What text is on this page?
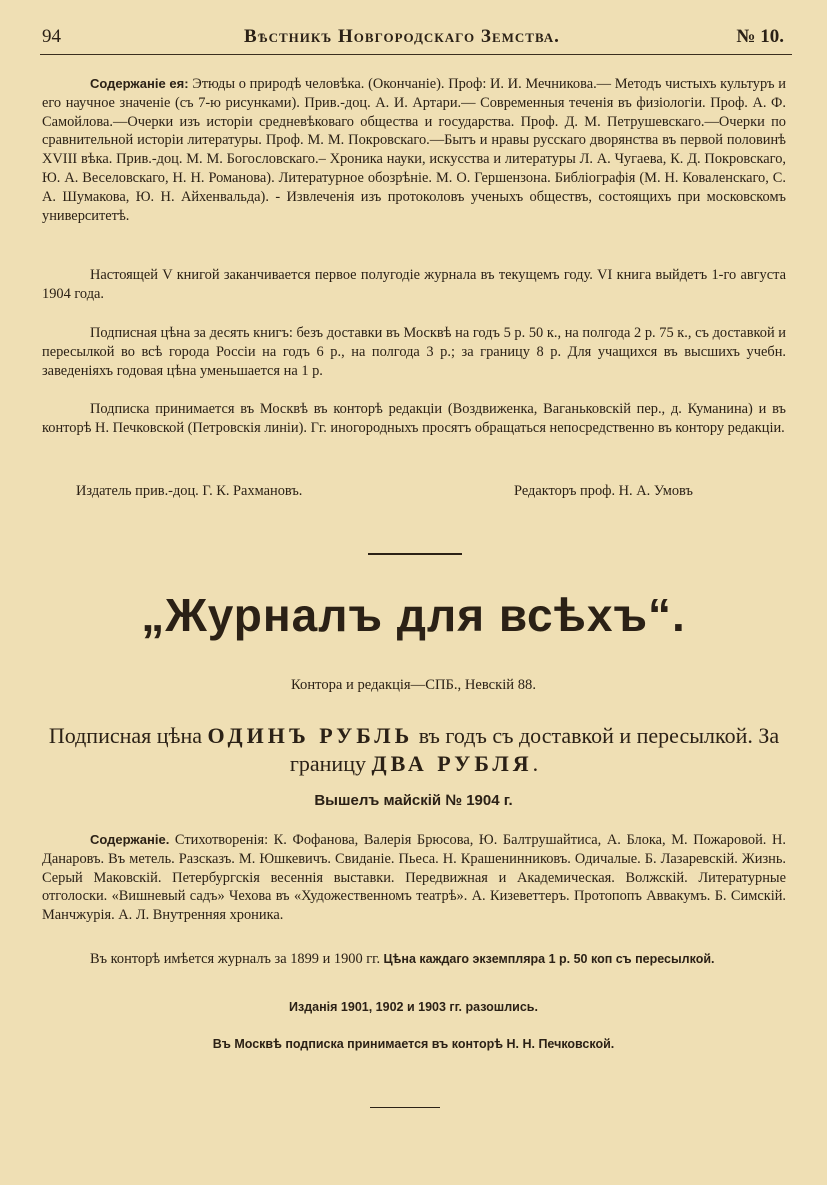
94	Вѣстникъ Новгородскаго Земства.	№ 10.
Содержаніе ея: Этюды о природѣ человѣка. (Окончаніе). Проф: И. И. Мечникова.— Методъ чистыхъ культуръ и его научное значеніе (съ 7-ю рисунками). Прив.-доц. А. И. Артари.— Современныя теченія въ физіологіи. Проф. А. Ф. Самойлова.—Очерки изъ исторіи средневѣковаго общества и государства. Проф. Д. М. Петрушевскаго.—Очерки по сравнительной исторіи литературы. Проф. М. М. Покровскаго.—Бытъ и нравы русскаго дворянства въ первой половинѣ XVIII вѣка. Прив.-доц. М. М. Богословскаго.– Хроника науки, искусства и литературы Л. А. Чугаева, К. Д. Покровскаго, Ю. А. Веселовскаго, Н. Н. Романова). Литературное обозрѣніе. М. О. Гершензона. Библіографія (М. Н. Коваленскаго, С. А. Шумакова, Ю. Н. Айхенвальда). - Извлеченія изъ протоколовъ ученыхъ обществъ, состоящихъ при московскомъ университетѣ.
Настоящей V книгой заканчивается первое полугодіе журнала въ текущемъ году. VI книга выйдетъ 1-го августа 1904 года.
Подписная цѣна за десять книгъ: безъ доставки въ Москвѣ на годъ 5 р. 50 к., на полгода 2 р. 75 к., съ доставкой и пересылкой во всѣ города Россіи на годъ 6 р., на полгода 3 р.; за границу 8 р. Для учащихся въ высшихъ учебн. заведеніяхъ годовая цѣна уменьшается на 1 р.
Подписка принимается въ Москвѣ въ конторѣ редакціи (Воздвиженка, Ваганьковскій пер., д. Куманина) и въ конторѣ Н. Печковской (Петровскія линіи). Гг. иногородныхъ просятъ обращаться непосредственно въ контору редакціи.
Издатель прив.-доц. Г. К. Рахмановъ.	Редакторъ проф. Н. А. Умовъ
„Журналъ для всѣхъ“.
Контора и редакція—СПБ., Невскій 88.
Подписная цѣна ОДИНЪ РУБЛЬ въ годъ съ доставкой и пересылкой. За границу ДВА РУБЛЯ.
Вышелъ майскій № 1904 г.
Содержаніе. Стихотворенія: К. Фофанова, Валерія Брюсова, Ю. Балтрушайтиса, А. Блока, М. Пожаровой. Н. Данаровъ. Въ метель. Разсказъ. М. Юшкевичъ. Свиданіе. Пьеса. Н. Крашенинниковъ. Одичалые. Б. Лазаревскій. Жизнь. Серый Маковскій. Петербургскія весеннія выставки. Передвижная и Академическая. Волжскій. Литературные отголоски. «Вишневый садъ» Чехова въ «Художественномъ театрѣ». А. Кизеветтеръ. Протопопъ Аввакумъ. Б. Симскій. Манчжурія. А. Л. Внутренняя хроника.
Въ конторѣ имѣется журналъ за 1899 и 1900 гг. Цѣна каждаго экземпляра 1 р. 50 коп съ пересылкой.
Изданія 1901, 1902 и 1903 гг. разошлись.
Въ Москвѣ подписка принимается въ конторѣ Н. Н. Печковской.
